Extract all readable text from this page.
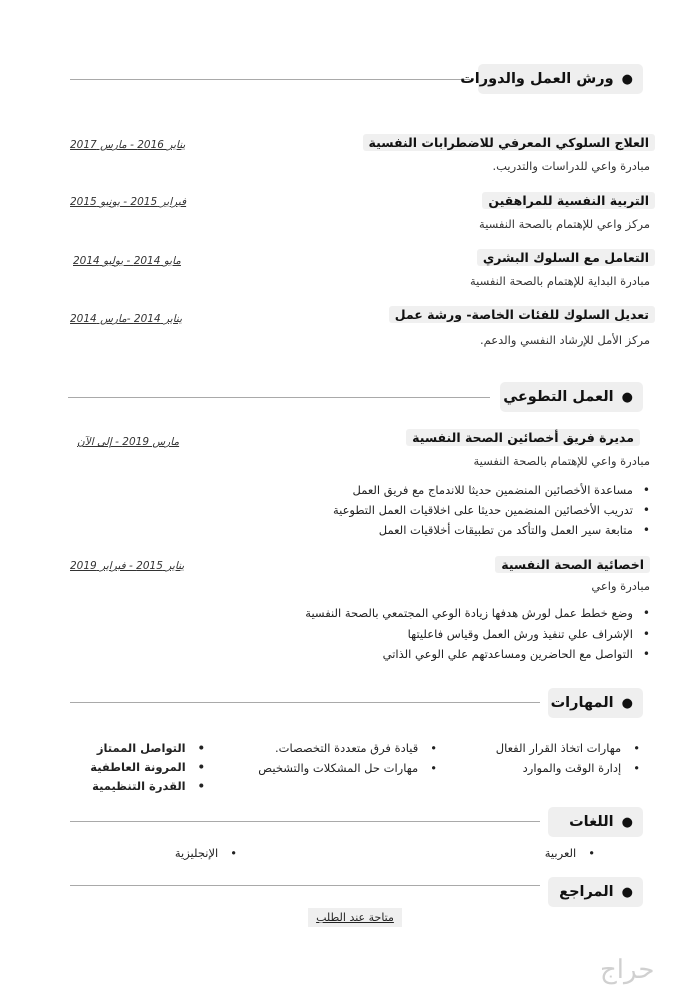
●
ورش العمل والدورات
العلاج السلوكي المعرفي للاضطرابات النفسية
مبادرة واعي للدراسات والتدريب.
يناير 2016 - مارس 2017
التربية النفسية للمراهقين
مركز واعي للإهتمام بالصحة النفسية
فبراير 2015 - يونيو 2015
التعامل مع السلوك البشري
مبادرة البداية للإهتمام بالصحة النفسية
مايو 2014 - يوليو 2014
تعديل السلوك للفئات الخاصة- ورشة عمل
مركز الأمل للإرشاد النفسي والدعم.
يناير 2014 -مارس 2014
●
العمل التطوعي
مديرة فريق أخصائين الصحة النفسية
مبادرة واعي للإهتمام بالصحة النفسية
مارس 2019 - إلى الآن
• مساعدة الأخصائين المنضمين حديثا للاندماج مع فريق العمل
• تدريب الأخصائين المنضمين حديثا على اخلاقيات العمل التطوعية
• متابعة سير العمل والتأكد من تطبيقات أخلاقيات العمل
اخصائية الصحة النفسية
مبادرة واعي
يناير 2015 - فبراير 2019
• وضع خطط عمل لورش هدفها زيادة الوعي المجتمعي بالصحة النفسية
• الإشراف علي تنفيذ ورش العمل وقياس فاعليتها
• التواصل مع الحاضرين ومساعدتهم علي الوعي الذاتي
●
المهارات
• مهارات اتخاذ القرار الفعال
• إدارة الوقت والموارد
• قيادة فرق متعددة التخصصات.
• مهارات حل المشكلات والتشخيص
• التواصل الممتاز
• المرونة العاطفية
• القدرة التنظيمية
●
اللغات
• العربية
• الإنجليزية
●
المراجع
متاحة عند الطلب
حراج
